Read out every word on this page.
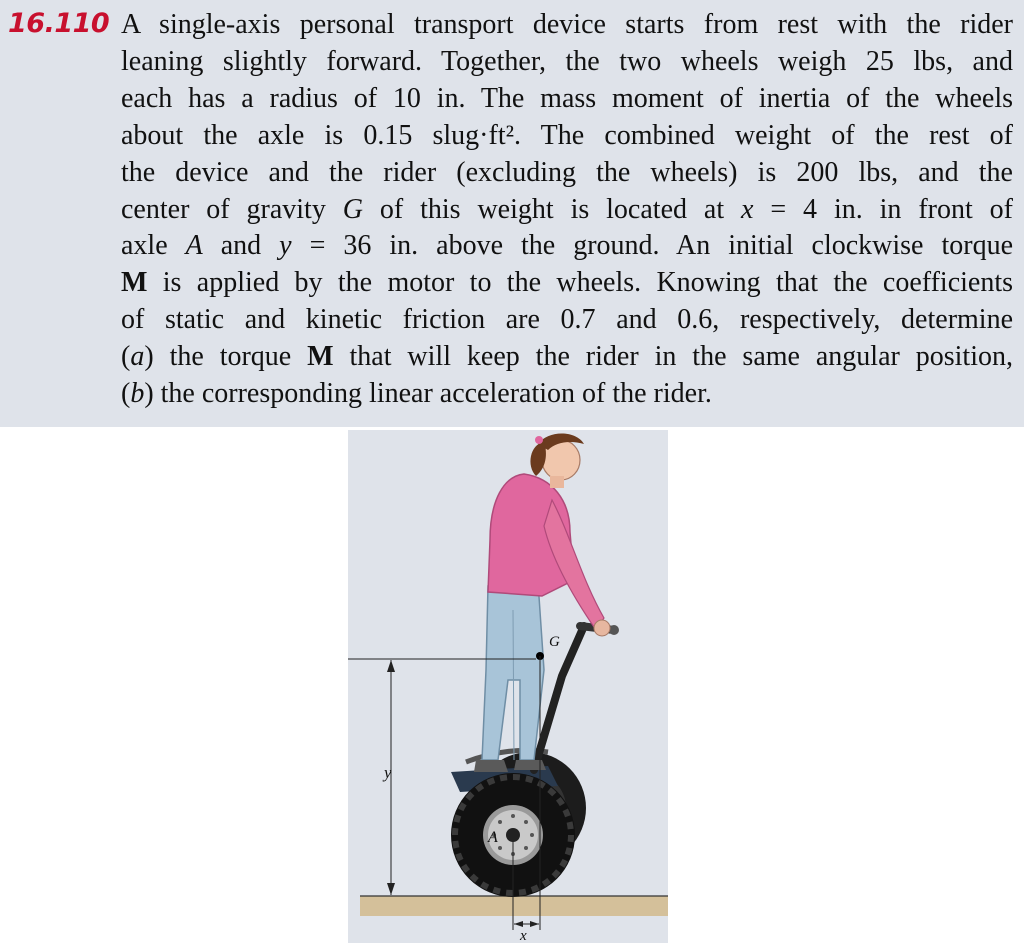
16.110 A single-axis personal transport device starts from rest with the rider
leaning slightly forward. Together, the two wheels weigh 25 lbs, and
each has a radius of 10 in. The mass moment of inertia of the wheels
about the axle is 0.15 slug·ft². The combined weight of the rest of
the device and the rider (excluding the wheels) is 200 lbs, and the
center of gravity G of this weight is located at x = 4 in. in front of
axle A and y = 36 in. above the ground. An initial clockwise torque
M is applied by the motor to the wheels. Knowing that the coefficients
of static and kinetic friction are 0.7 and 0.6, respectively, determine
(a) the torque M that will keep the rider in the same angular position,
(b) the corresponding linear acceleration of the rider.
G
y
x
A
